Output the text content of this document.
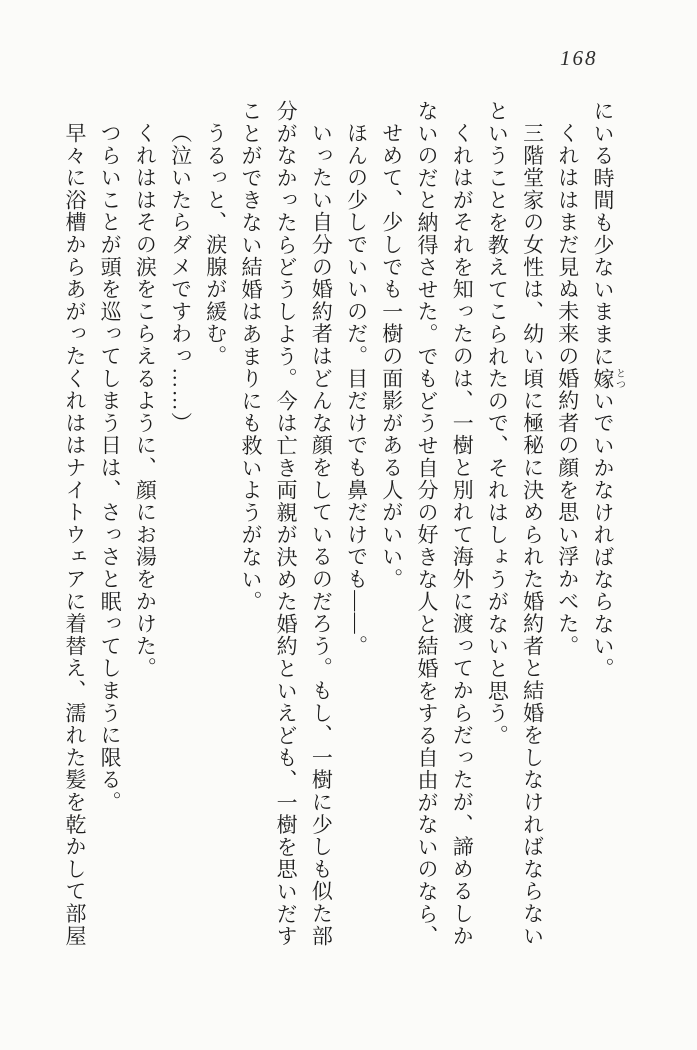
168

にいる時間も少ないままに嫁とついでいかなければならない。

くれははまだ見ぬ未来の婚約者の顔を思い浮かべた。

三階堂家の女性は、幼い頃に極秘に決められた婚約者と結婚をしなければならない

ということを教えてこられたので、それはしょうがないと思う。

くれはがそれを知ったのは、一樹と別れて海外に渡ってからだったが、諦めるしか

ないのだと納得させた。でもどうせ自分の好きな人と結婚をする自由がないのなら、

せめて、少しでも一樹の面影がある人がいい。

ほんの少しでいいのだ。目だけでも鼻だけでも――。

いったい自分の婚約者はどんな顔をしているのだろう。もし、一樹に少しも似た部

分がなかったらどうしよう。今は亡き両親が決めた婚約といえども、一樹を思いだす

ことができない結婚はあまりにも救いようがない。

うるっと、涙腺が緩む。

（泣いたらダメですわっ……）

くれははその涙をこらえるように、顔にお湯をかけた。

つらいことが頭を巡ってしまう日は、さっさと眠ってしまうに限る。

早々に浴槽からあがったくれははナイトウェアに着替え、濡れた髪を乾かして部屋
